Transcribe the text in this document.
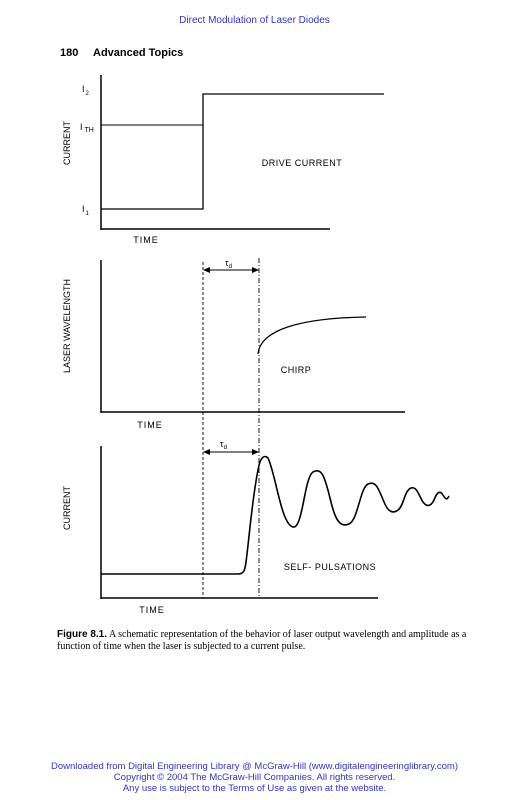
Direct Modulation of Laser Diodes
180 Advanced Topics
$I_2$
I $_{TH}$
$I_1$
CURRENT
TIME
DRIVE CURRENT
$\tau_d$
LASER WAVELENGTH
TIME
CHIRP
$\tau_d$
CURRENT
TIME
SELF- PULSATIONS
Figure 8.1. A schematic representation of the behavior of laser output wavelength and amplitude as a function of time when the laser is subjected to a current pulse.
Downloaded from Digital Engineering Library @ McGraw-Hill (www.digitalengineeringlibrary.com)
Copyright © 2004 The McGraw-Hill Companies. All rights reserved.
Any use is subject to the Terms of Use as given at the website.
